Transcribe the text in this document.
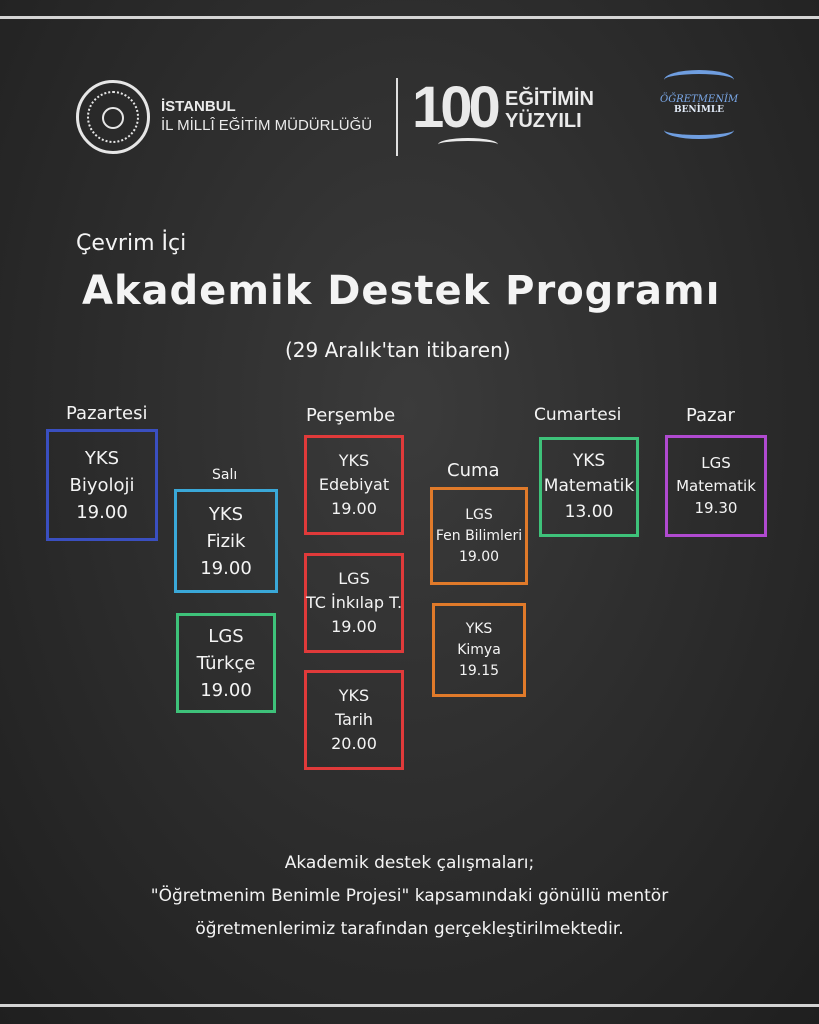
İSTANBUL
İL MİLLÎ EĞİTİM MÜDÜRLÜĞÜ 100 EĞİTİMİN
YÜZYILI
ÖĞRETMENİM
BENİMLE
Çevrim İçi
Akademik Destek Programı
(29 Aralık'tan itibaren)
Pazartesi
Salı
Perşembe
Cuma
Cumartesi	Pazar
YKS
Biyoloji
19.00	YKS
Fizik
19.00
LGS
Türkçe
19.00
YKS
Edebiyat
19.00
LGS
TC İnkılap T.
19.00
YKS
Tarih
20.00
LGS
Fen Bilimleri
19.00
YKS
Kimya
19.15
YKS
Matematik
13.00
LGS
Matematik
19.30
Akademik destek çalışmaları;
"Öğretmenim Benimle Projesi" kapsamındaki gönüllü mentör
öğretmenlerimiz tarafından gerçekleştirilmektedir.
